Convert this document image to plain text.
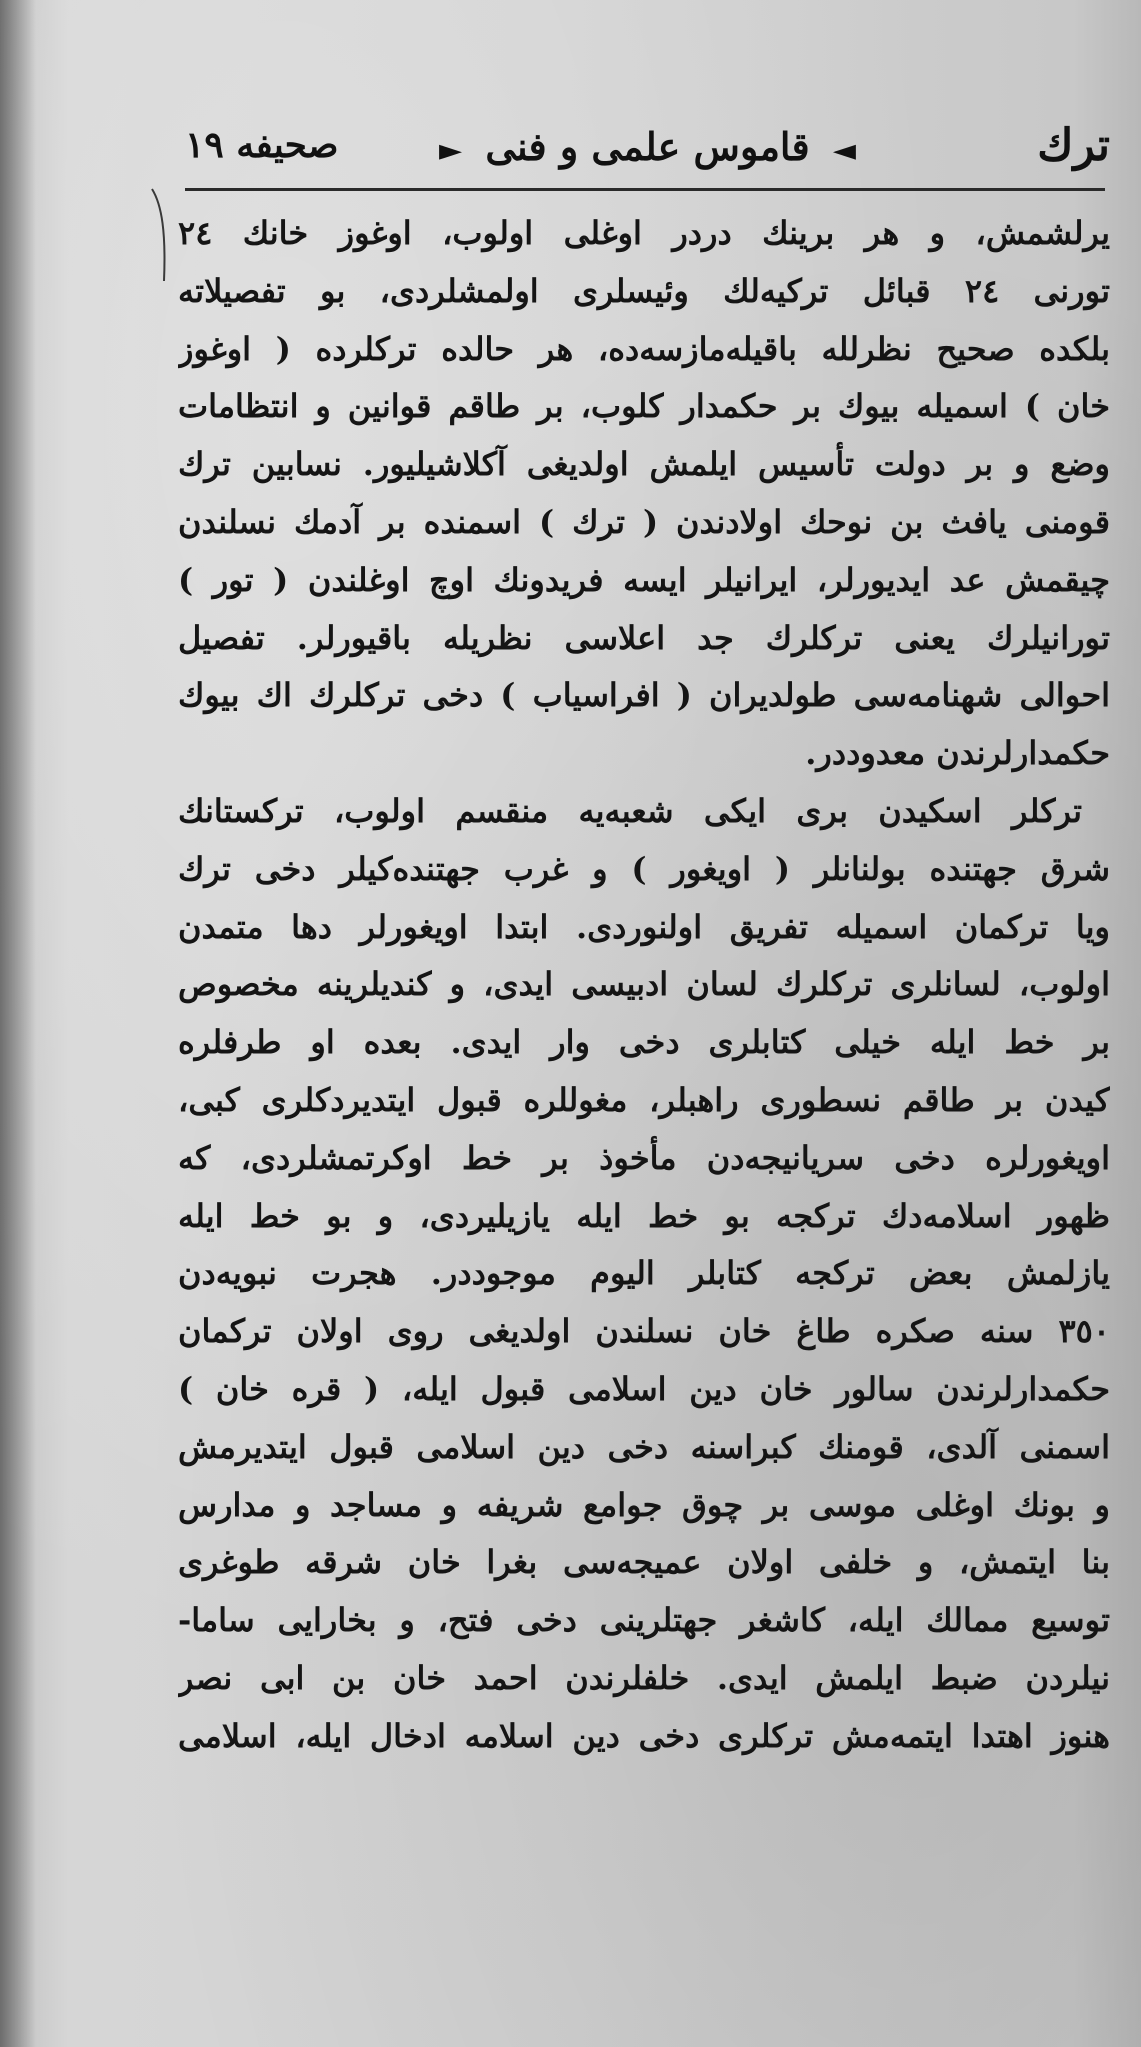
ترك
◄ قاموس علمى و فنى ►
صحيفه ١٩
يرلشمش، و هر برينك دردر اوغلى اولوب، اوغوز خانك ٢٤
تورنى ٢٤ قبائل تركيه‌لك وئيسلرى اولمشلردى، بو تفصيلاته
بلكده صحيح نظرلله باقيله‌مازسه‌ده، هر حالده تركلرده ( اوغوز
خان ) اسميله بيوك بر حكمدار كلوب، بر طاقم قوانين و انتظامات
وضع و بر دولت تأسيس ايلمش اولديغى آكلاشيليور. نسابين ترك
قومنى يافث بن نوحك اولادندن ( ترك ) اسمنده بر آدمك نسلندن
چيقمش عد ايديورلر، ايرانيلر ايسه فريدونك اوچ اوغلندن ( تور )
تورانيلرك يعنى تركلرك جد اعلاسى نظريله باقيورلر. تفصيل
احوالى شهنامه‌سى طولديران ( افراسياب ) دخى تركلرك اك بيوك
حكمدارلرندن معدوددر.
تركلر اسكيدن برى ايكى شعبه‌يه منقسم اولوب، تركستانك
شرق جهتنده بولنانلر ( اويغور ) و غرب جهتنده‌كيلر دخى ترك
ويا تركمان اسميله تفريق اولنوردى. ابتدا اويغورلر دها متمدن
اولوب، لسانلرى تركلرك لسان ادبيسى ايدى، و كنديلرينه مخصوص
بر خط ايله خيلى كتابلرى دخى وار ايدى. بعده او طرفلره
كيدن بر طاقم نسطورى راهبلر، مغوللره قبول ايتديردكلرى كبى،
اويغورلره دخى سريانيجه‌دن مأخوذ بر خط اوكرتمشلردى، كه
ظهور اسلامه‌دك تركجه بو خط ايله يازيليردى، و بو خط ايله
يازلمش بعض تركجه كتابلر اليوم موجوددر. هجرت نبويه‌دن
٣٥٠ سنه صكره طاغ خان نسلندن اولديغى روى اولان تركمان
حكمدارلرندن سالور خان دين اسلامى قبول ايله، ( قره خان )
اسمنى آلدى، قومنك كبراسنه دخى دين اسلامى قبول ايتديرمش
و بونك اوغلى موسى بر چوق جوامع شريفه و مساجد و مدارس
بنا ايتمش، و خلفى اولان عميجه‌سى بغرا خان شرقه طوغرى
توسيع ممالك ايله، كاشغر جهتلرينى دخى فتح، و بخارايى ساما-
نيلردن ضبط ايلمش ايدى. خلفلرندن احمد خان بن ابى نصر
هنوز اهتدا ايتمه‌مش تركلرى دخى دين اسلامه ادخال ايله، اسلامى
